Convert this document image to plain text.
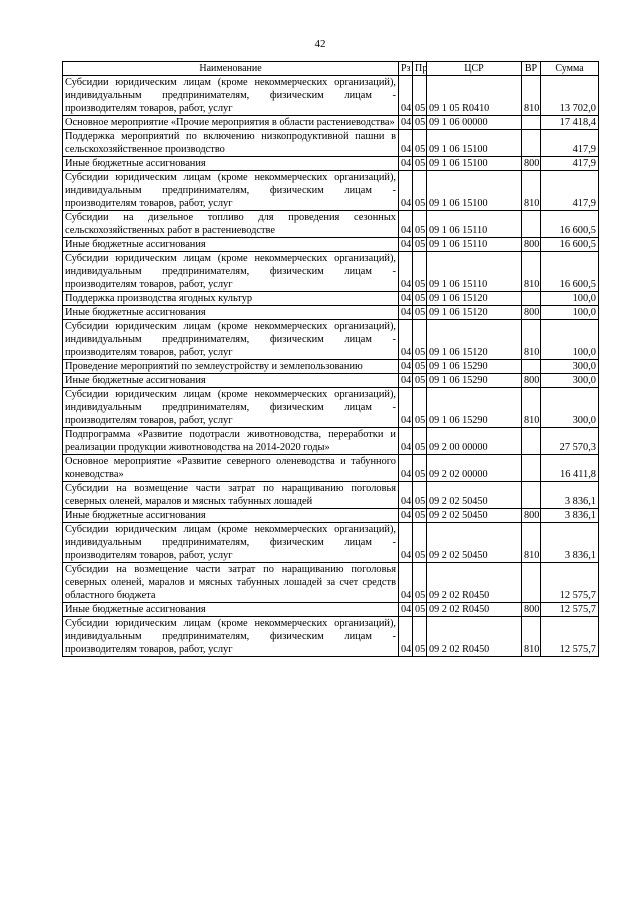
42
Наименование	Рз	Пр	ЦСР	ВР	Сумма
Субсидии юридическим лицам (кроме некоммерческих организаций), индивидуальным предпринимателям, физическим лицам - производителям товаров, работ, услуг	04	05	09 1 05 R0410	810	13 702,0
Основное мероприятие «Прочие мероприятия в области растениеводства»	04	05	09 1 06 00000		17 418,4
Поддержка мероприятий по включению низкопродуктивной пашни в сельскохозяйственное производство	04	05	09 1 06 15100		417,9
Иные бюджетные ассигнования	04	05	09 1 06 15100	800	417,9
Субсидии юридическим лицам (кроме некоммерческих организаций), индивидуальным предпринимателям, физическим лицам - производителям товаров, работ, услуг	04	05	09 1 06 15100	810	417,9
Субсидии на дизельное топливо для проведения сезонных сельскохозяйственных работ в растениеводстве	04	05	09 1 06 15110		16 600,5
Иные бюджетные ассигнования	04	05	09 1 06 15110	800	16 600,5
Субсидии юридическим лицам (кроме некоммерческих организаций), индивидуальным предпринимателям, физическим лицам - производителям товаров, работ, услуг	04	05	09 1 06 15110	810	16 600,5
Поддержка производства ягодных культур	04	05	09 1 06 15120		100,0
Иные бюджетные ассигнования	04	05	09 1 06 15120	800	100,0
Субсидии юридическим лицам (кроме некоммерческих организаций), индивидуальным предпринимателям, физическим лицам - производителям товаров, работ, услуг	04	05	09 1 06 15120	810	100,0
Проведение мероприятий по землеустройству и землепользованию	04	05	09 1 06 15290		300,0
Иные бюджетные ассигнования	04	05	09 1 06 15290	800	300,0
Субсидии юридическим лицам (кроме некоммерческих организаций), индивидуальным предпринимателям, физическим лицам - производителям товаров, работ, услуг	04	05	09 1 06 15290	810	300,0
Подпрограмма «Развитие подотрасли животноводства, переработки и реализации продукции животноводства на 2014-2020 годы»	04	05	09 2 00 00000		27 570,3
Основное мероприятие «Развитие северного оленеводства и табунного коневодства»	04	05	09 2 02 00000		16 411,8
Субсидии на возмещение части затрат по наращиванию поголовья северных оленей, маралов и мясных табунных лошадей	04	05	09 2 02 50450		3 836,1
Иные бюджетные ассигнования	04	05	09 2 02 50450	800	3 836,1
Субсидии юридическим лицам (кроме некоммерческих организаций), индивидуальным предпринимателям, физическим лицам - производителям товаров, работ, услуг	04	05	09 2 02 50450	810	3 836,1
Субсидии на возмещение части затрат по наращиванию поголовья северных оленей, маралов и мясных табунных лошадей за счет средств областного бюджета	04	05	09 2 02 R0450		12 575,7
Иные бюджетные ассигнования	04	05	09 2 02 R0450	800	12 575,7
Субсидии юридическим лицам (кроме некоммерческих организаций), индивидуальным предпринимателям, физическим лицам - производителям товаров, работ, услуг	04	05	09 2 02 R0450	810	12 575,7
